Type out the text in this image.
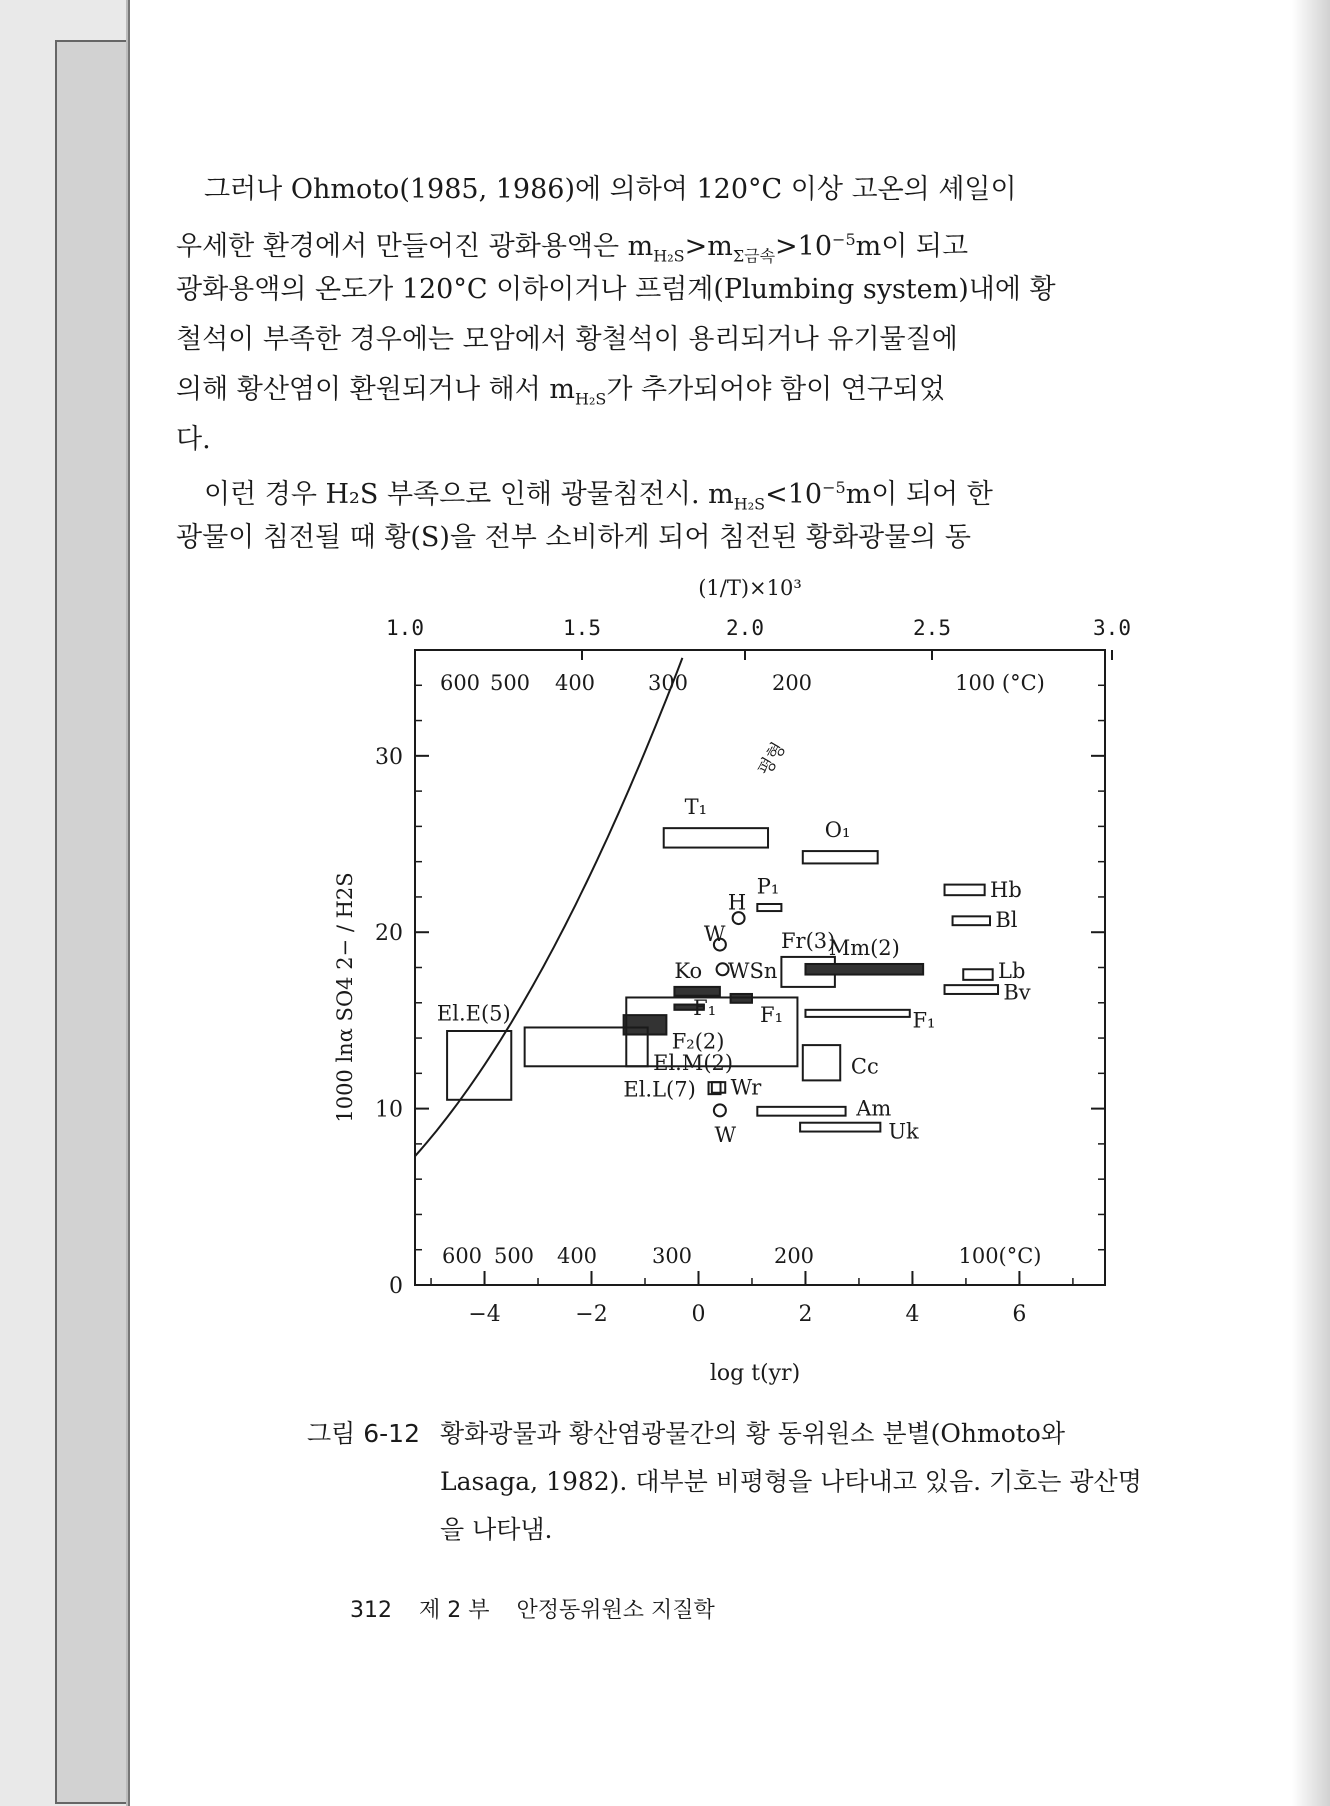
그러나 Ohmoto(1985, 1986)에 의하여 120°C 이상 고온의 셰일이
우세한 환경에서 만들어진 광화용액은 $m_{H_2S}>m_{\Sigma 금속}>10^{-5}m$이 되고
광화용액의 온도가 120°C 이하이거나 프럼계(Plumbing system)내에 황
철석이 부족한 경우에는 모암에서 황철석이 용리되거나 유기물질에
의해 황산염이 환원되거나 해서 $m_{H_2S}$가 추가되어야 함이 연구되었
다.
이런 경우 H₂S 부족으로 인해 광물침전시. $m_{H_2S}<10^{-5}m$이 되어 한
광물이 침전될 때 황(S)을 전부 소비하게 되어 침전된 황화광물의 동
(1/T)×10³
1.0	1.5	2.0	2.5	3.0
−4	−2	0	2	4	6
log t(yr)
0
10
20
30
1000 lnα SO4 2− / H2S
600 500 400	300	200	100 (°C)
600 500 400	300	200	100(°C)
평형
T₁
O₁
P₁	Hb
Bl
Fr(3)
Mm(2)
Lb
Bv
F₁
F₂(2)
El.E(5)
El.M(2)	Cc
El.L(7)
Am
Uk
H
W
Ko WSn
Wr
W
F₁ F₁
그림 6-12 황화광물과 황산염광물간의 황 동위원소 분별(Ohmoto와
Lasaga, 1982). 대부분 비평형을 나타내고 있음. 기호는 광산명
을 나타냄.
312 제 2 부 안정동위원소 지질학
